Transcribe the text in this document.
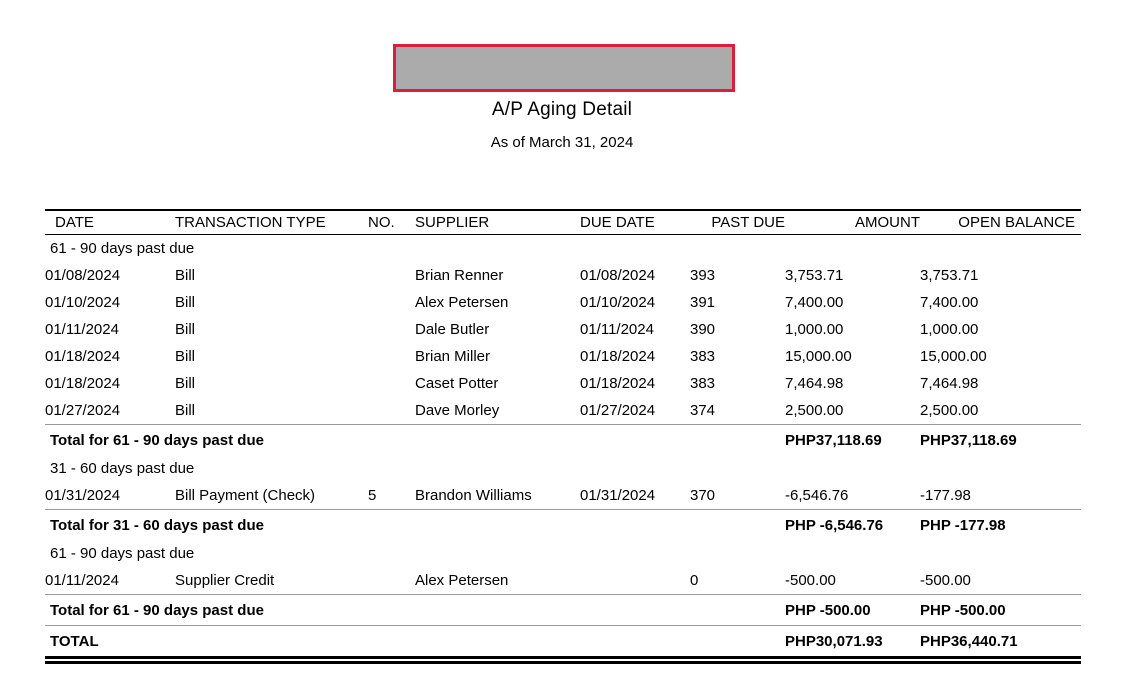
A/P Aging Detail
As of March 31, 2024
DATE	TRANSACTION TYPE	NO.	SUPPLIER	DUE DATE	PAST DUE	AMOUNT	OPEN BALANCE
61 - 90 days past due							
01/08/2024	Bill		Brian Renner	01/08/2024	393	3,753.71	3,753.71
01/10/2024	Bill		Alex Petersen	01/10/2024	391	7,400.00	7,400.00
01/11/2024	Bill		Dale Butler	01/11/2024	390	1,000.00	1,000.00
01/18/2024	Bill		Brian Miller	01/18/2024	383	15,000.00	15,000.00
01/18/2024	Bill		Caset Potter	01/18/2024	383	7,464.98	7,464.98
01/27/2024	Bill		Dave Morley	01/27/2024	374	2,500.00	2,500.00
Total for 61 - 90 days past due						PHP37,118.69	PHP37,118.69
31 - 60 days past due							
01/31/2024	Bill Payment (Check)	5	Brandon Williams	01/31/2024	370	-6,546.76	-177.98
Total for 31 - 60 days past due						PHP -6,546.76	PHP -177.98
61 - 90 days past due							
01/11/2024	Supplier Credit		Alex Petersen		0	-500.00	-500.00
Total for 61 - 90 days past due						PHP -500.00	PHP -500.00
TOTAL						PHP30,071.93	PHP36,440.71
